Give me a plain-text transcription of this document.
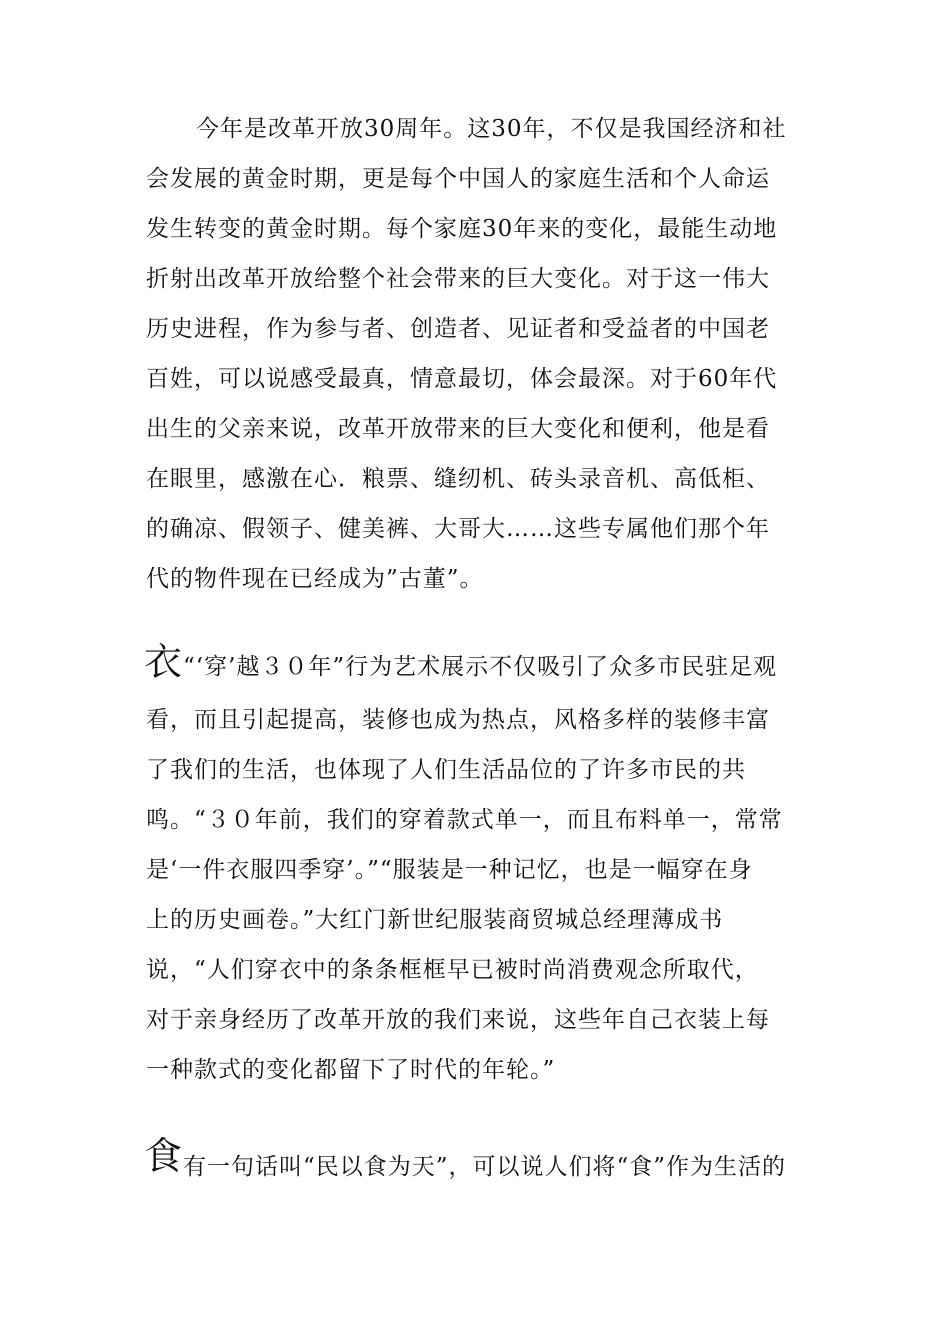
今年是改革开放30周年。这30年，不仅是我国经济和社
会发展的黄金时期，更是每个中国人的家庭生活和个人命运
发生转变的黄金时期。每个家庭30年来的变化，最能生动地
折射出改革开放给整个社会带来的巨大变化。对于这一伟大
历史进程，作为参与者、创造者、见证者和受益者的中国老
百姓，可以说感受最真，情意最切，体会最深。对于60年代
出生的父亲来说，改革开放带来的巨大变化和便利，他是看
在眼里，感激在心．粮票、缝纫机、砖头录音机、高低柜、
的确凉、假领子、健美裤、大哥大……这些专属他们那个年
代的物件现在已经成为”古董”。
衣 “‘穿’越３０年”行为艺术展示不仅吸引了众多市民驻足观
看，而且引起提高，装修也成为热点，风格多样的装修丰富
了我们的生活，也体现了人们生活品位的了许多市民的共
鸣。“３０年前，我们的穿着款式单一，而且布料单一，常常
是‘一件衣服四季穿’。”“服装是一种记忆，也是一幅穿在身
上的历史画卷。”大红门新世纪服装商贸城总经理薄成书
说，“人们穿衣中的条条框框早已被时尚消费观念所取代，
对于亲身经历了改革开放的我们来说，这些年自己衣装上每
一种款式的变化都留下了时代的年轮。”
食 有一句话叫“民以食为天”，可以说人们将“食”作为生活的
